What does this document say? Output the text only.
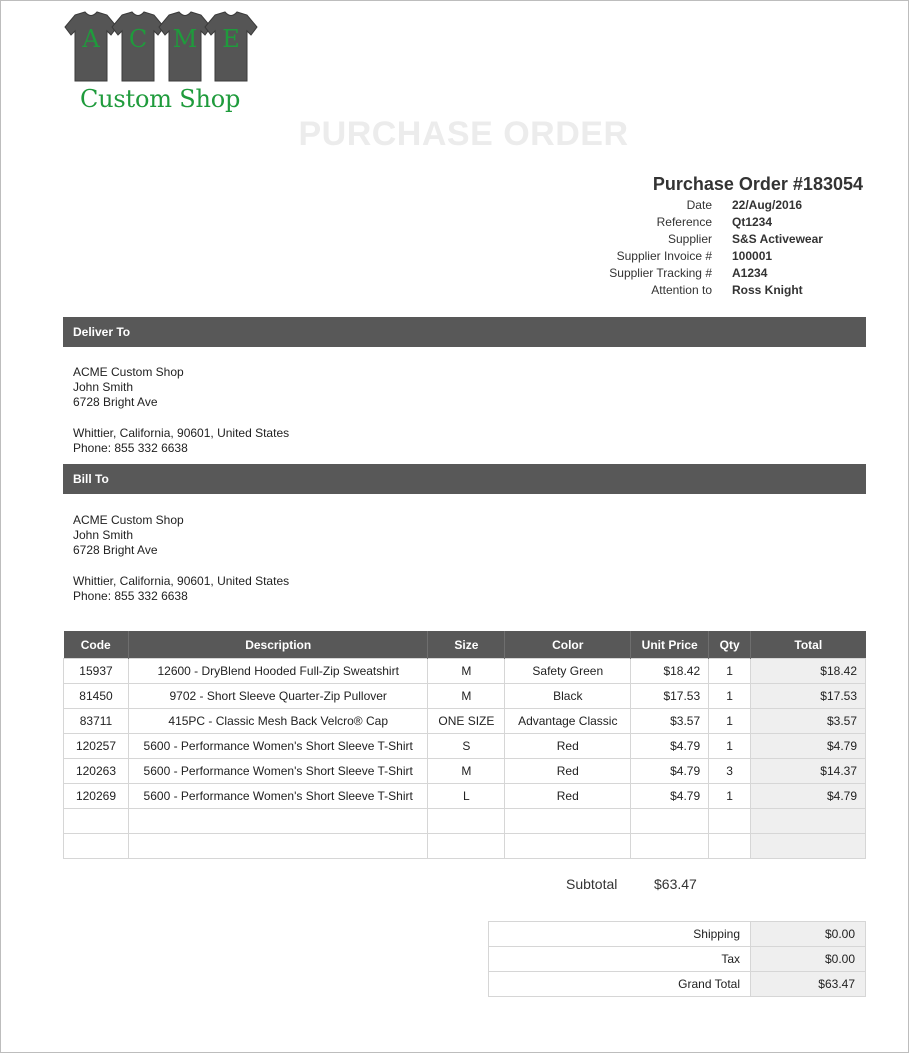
A C M E
Custom Shop
PURCHASE ORDER
Purchase Order #183054
Deliver To
ACME Custom Shop
John Smith
6728 Bright Ave
Whittier, California, 90601, United States
Phone: 855 332 6638
Bill To
ACME Custom Shop
John Smith
6728 Bright Ave
Whittier, California, 90601, United States
Phone: 855 332 6638
Code	Description	Size	Color	Unit Price	Qty	Total
15937	12600 - DryBlend Hooded Full-Zip Sweatshirt	M	Safety Green	$18.42	1	$18.42
81450	9702 - Short Sleeve Quarter-Zip Pullover	M	Black	$17.53	1	$17.53
83711	415PC - Classic Mesh Back Velcro® Cap	ONE SIZE	Advantage Classic	$3.57	1	$3.57
120257	5600 - Performance Women's Short Sleeve T-Shirt	S	Red	$4.79	1	$4.79
120263	5600 - Performance Women's Short Sleeve T-Shirt	M	Red	$4.79	3	$14.37
120269	5600 - Performance Women's Short Sleeve T-Shirt	L	Red	$4.79	1	$4.79

Subtotal	$63.47
Shipping	$0.00
Tax	$0.00
Grand Total	$63.47
Date 22/Aug/2016
Reference Qt1234
Supplier S&S Activewear
Supplier Invoice # 100001
Supplier Tracking # A1234
Attention to Ross Knight
